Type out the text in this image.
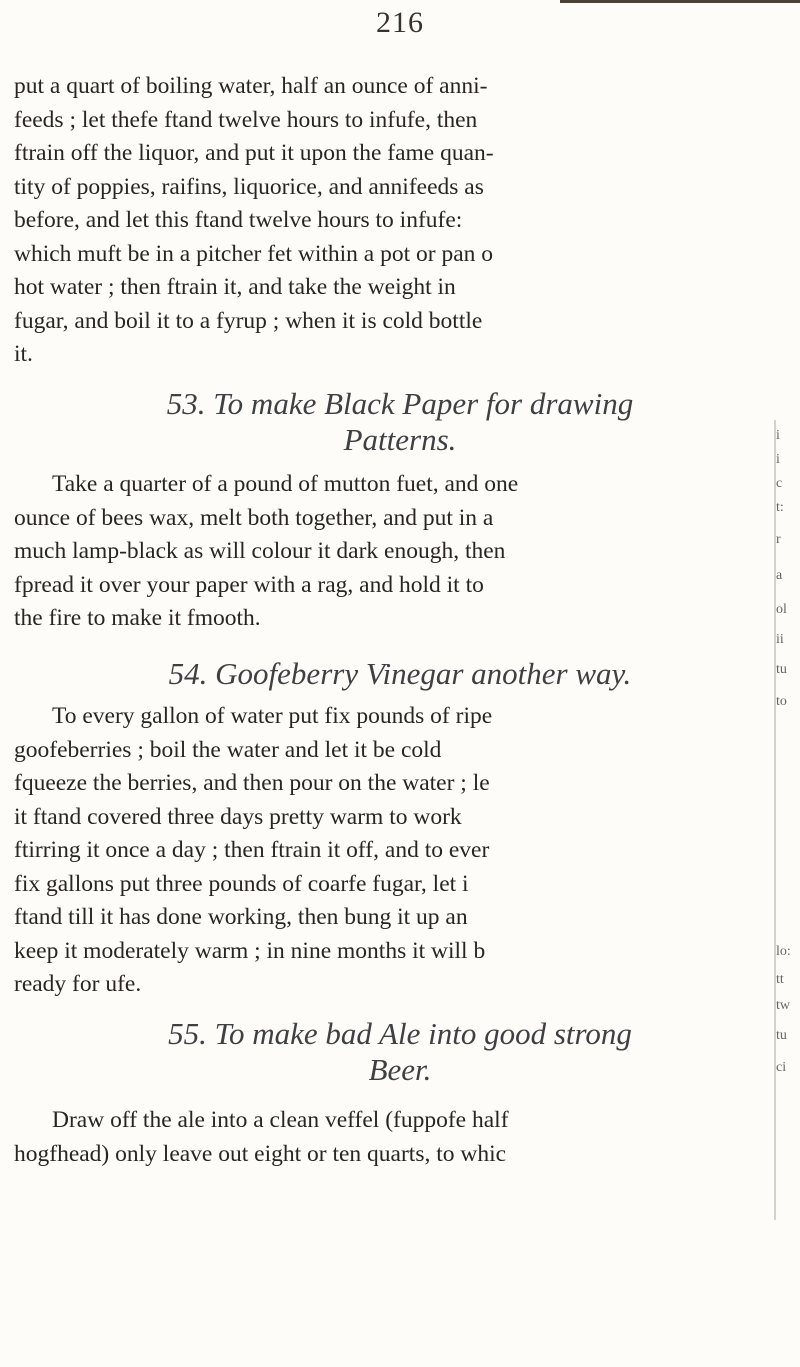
216
put a quart of boiling water, half an ounce of anni-
feeds ; let thefe ftand twelve hours to infufe, then
ftrain off the liquor, and put it upon the fame quan-
tity of poppies, raifins, liquorice, and annifeeds as
before, and let this ftand twelve hours to infufe:
which muft be in a pitcher fet within a pot or pan o
hot water ; then ftrain it, and take the weight in
fugar, and boil it to a fyrup ; when it is cold bottle
it.
53. To make Black Paper for drawing
Patterns.
Take a quarter of a pound of mutton fuet, and one
ounce of bees wax, melt both together, and put in a
much lamp-black as will colour it dark enough, then
fpread it over your paper with a rag, and hold it to
the fire to make it fmooth.
54. Goofeberry Vinegar another way.
To every gallon of water put fix pounds of ripe
goofeberries ; boil the water and let it be cold
fqueeze the berries, and then pour on the water ; le
it ftand covered three days pretty warm to work
ftirring it once a day ; then ftrain it off, and to ever
fix gallons put three pounds of coarfe fugar, let i
ftand till it has done working, then bung it up an
keep it moderately warm ; in nine months it will b
ready for ufe.
55. To make bad Ale into good strong
Beer.
Draw off the ale into a clean veffel (fuppofe half
hogfhead) only leave out eight or ten quarts, to whic
i
i
c
t:
r
a
ol
ii
tu
to
lo:
tt
tw
tu
ci
